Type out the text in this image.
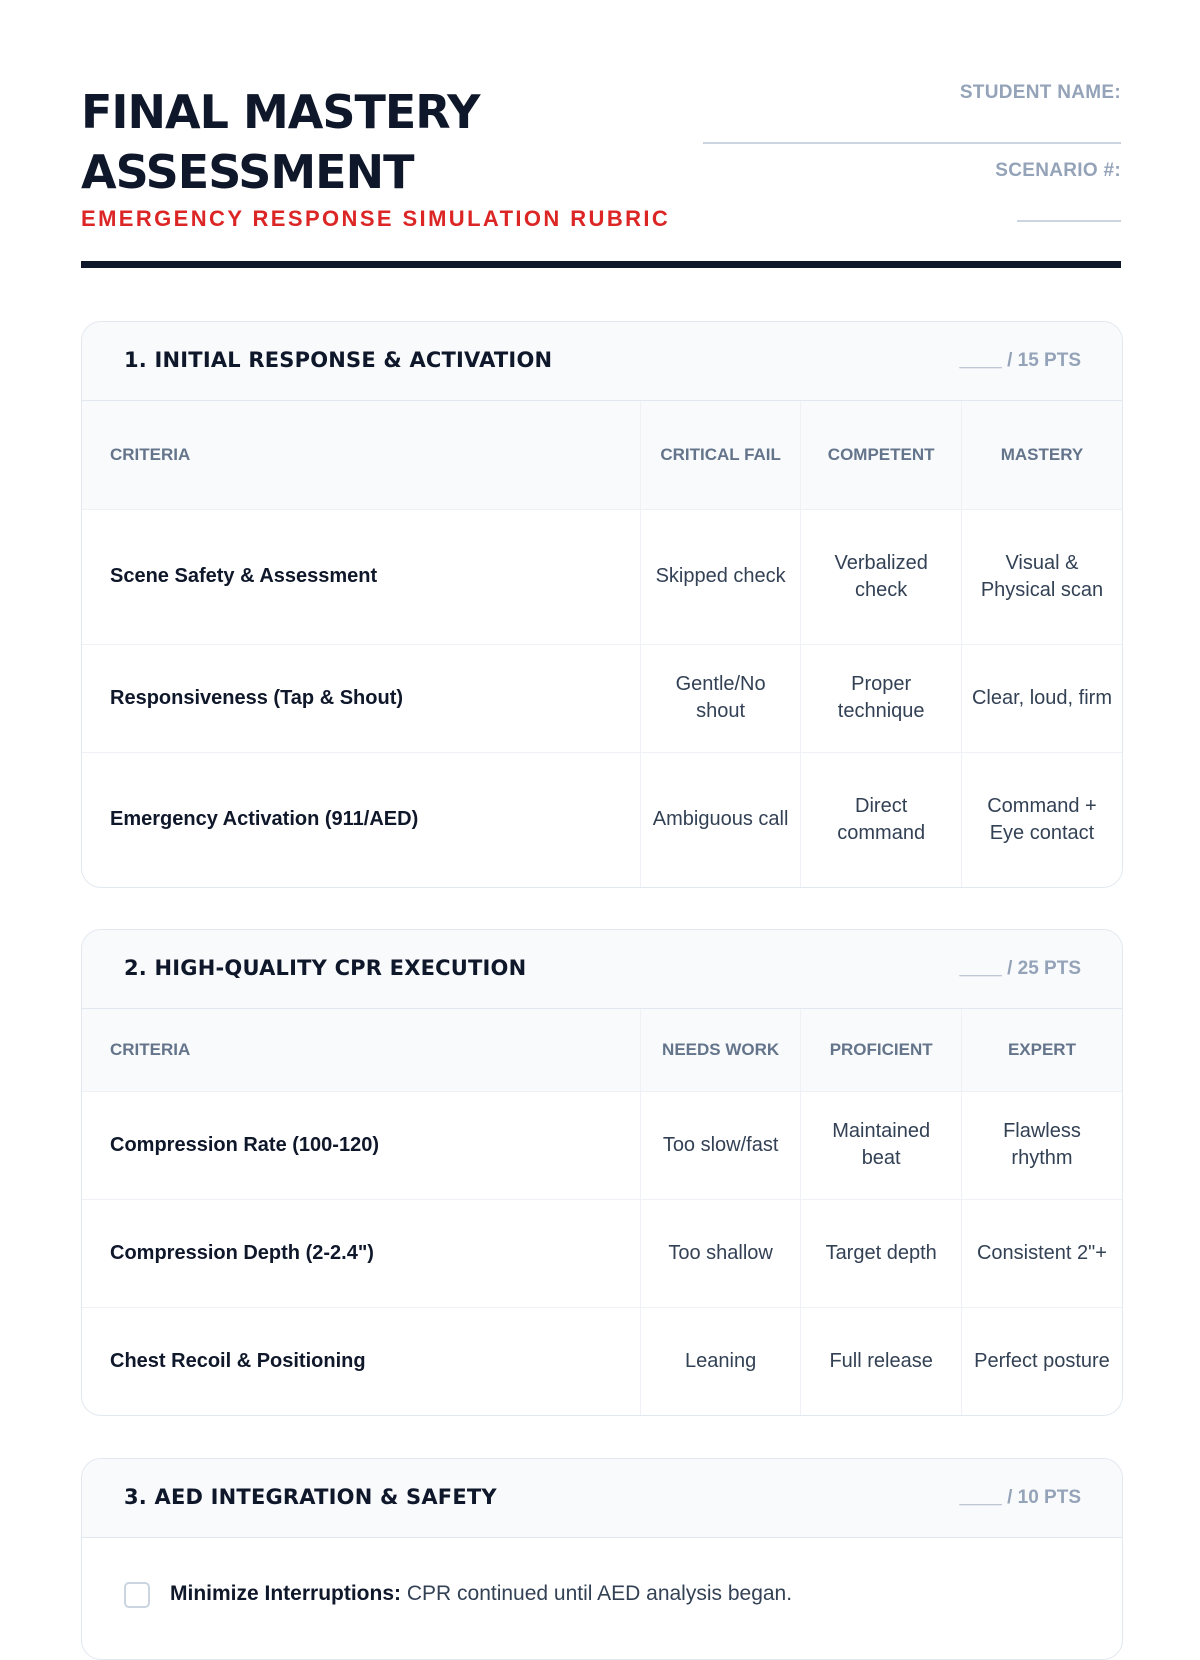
FINAL MASTERY ASSESSMENT
EMERGENCY RESPONSE SIMULATION RUBRIC
STUDENT NAME:
SCENARIO #:
1. INITIAL RESPONSE & ACTIVATION	____ / 15 PTS
CRITERIA	CRITICAL FAIL	COMPETENT	MASTERY
Scene Safety & Assessment	Skipped check	Verbalized check	Visual & Physical scan
Responsiveness (Tap & Shout)	Gentle/No shout	Proper technique	Clear, loud, firm
Emergency Activation (911/AED)	Ambiguous call	Direct command	Command + Eye contact
2. HIGH-QUALITY CPR EXECUTION	____ / 25 PTS
CRITERIA	NEEDS WORK	PROFICIENT	EXPERT
Compression Rate (100-120)	Too slow/fast	Maintained beat	Flawless rhythm
Compression Depth (2-2.4")	Too shallow	Target depth	Consistent 2"+
Chest Recoil & Positioning	Leaning	Full release	Perfect posture
3. AED INTEGRATION & SAFETY	____ / 10 PTS
Minimize Interruptions: CPR continued until AED analysis began.
